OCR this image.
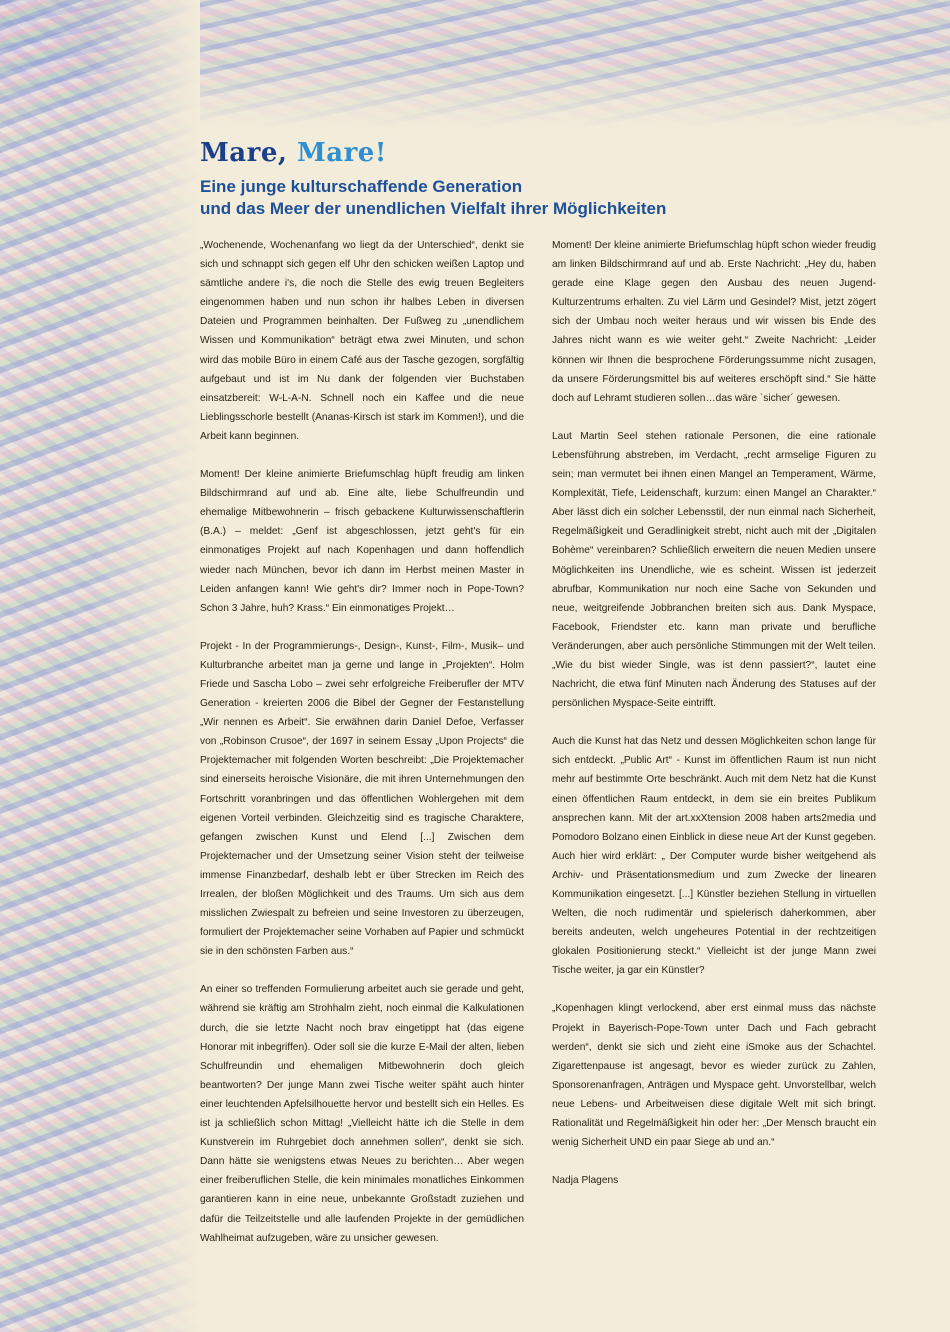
Mare, Mare!
Eine junge kulturschaffende Generation
und das Meer der unendlichen Vielfalt ihrer Möglichkeiten

„Wochenende, Wochenanfang wo liegt da der Unterschied“, denkt sie sich und schnappt sich gegen elf Uhr den schicken weißen Laptop und sämtliche andere i's, die noch die Stelle des ewig treuen Begleiters eingenommen haben und nun schon ihr halbes Leben in diversen Dateien und Programmen beinhalten. Der Fußweg zu „unendlichem Wissen und Kommunikation“ beträgt etwa zwei Minuten, und schon wird das mobile Büro in einem Café aus der Tasche gezogen, sorgfältig aufgebaut und ist im Nu dank der folgenden vier Buchstaben einsatzbereit: W-L-A-N. Schnell noch ein Kaffee und die neue Lieblingsschorle bestellt (Ananas-Kirsch ist stark im Kommen!), und die Arbeit kann beginnen.

Moment! Der kleine animierte Briefumschlag hüpft freudig am linken Bildschirmrand auf und ab. Eine alte, liebe Schulfreundin und ehemalige Mitbewohnerin – frisch gebackene Kulturwissenschaftlerin (B.A.) – meldet: „Genf ist abgeschlossen, jetzt geht's für ein einmonatiges Projekt auf nach Kopenhagen und dann hoffendlich wieder nach München, bevor ich dann im Herbst meinen Master in Leiden anfangen kann! Wie geht's dir? Immer noch in Pope-Town? Schon 3 Jahre, huh? Krass.“ Ein einmonatiges Projekt…

Projekt - In der Programmierungs-, Design-, Kunst-, Film-, Musik– und Kulturbranche arbeitet man ja gerne und lange in „Projekten“. Holm Friede und Sascha Lobo – zwei sehr erfolgreiche Freiberufler der MTV Generation - kreierten 2006 die Bibel der Gegner der Festanstellung „Wir nennen es Arbeit“. Sie erwähnen darin Daniel Defoe, Verfasser von „Robinson Crusoe“, der 1697 in seinem Essay „Upon Projects“ die Projektemacher mit folgenden Worten beschreibt: „Die Projektemacher sind einerseits heroische Visionäre, die mit ihren Unternehmungen den Fortschritt voranbringen und das öffentlichen Wohlergehen mit dem eigenen Vorteil verbinden. Gleichzeitig sind es tragische Charaktere, gefangen zwischen Kunst und Elend [...] Zwischen dem Projektemacher und der Umsetzung seiner Vision steht der teilweise immense Finanzbedarf, deshalb lebt er über Strecken im Reich des Irrealen, der bloßen Möglichkeit und des Traums. Um sich aus dem misslichen Zwiespalt zu befreien und seine Investoren zu überzeugen, formuliert der Projektemacher seine Vorhaben auf Papier und schmückt sie in den schönsten Farben aus.“

An einer so treffenden Formulierung arbeitet auch sie gerade und geht, während sie kräftig am Strohhalm zieht, noch einmal die Kalkulationen durch, die sie letzte Nacht noch brav eingetippt hat (das eigene Honorar mit inbegriffen). Oder soll sie die kurze E-Mail der alten, lieben Schulfreundin und ehemaligen Mitbewohnerin doch gleich beantworten? Der junge Mann zwei Tische weiter späht auch hinter einer leuchtenden Apfelsilhouette hervor und bestellt sich ein Helles. Es ist ja schließlich schon Mittag! „Vielleicht hätte ich die Stelle in dem Kunstverein im Ruhrgebiet doch annehmen sollen“, denkt sie sich. Dann hätte sie wenigstens etwas Neues zu berichten… Aber wegen einer freiberuflichen Stelle, die kein minimales monatliches Einkommen garantieren kann in eine neue, unbekannte Großstadt zuziehen und dafür die Teilzeitstelle und alle laufenden Projekte in der gemüdlichen Wahlheimat aufzugeben, wäre zu unsicher gewesen.

Moment! Der kleine animierte Briefumschlag hüpft schon wieder freudig am linken Bildschirmrand auf und ab. Erste Nachricht: „Hey du, haben gerade eine Klage gegen den Ausbau des neuen Jugend-Kulturzentrums erhalten. Zu viel Lärm und Gesindel? Mist, jetzt zögert sich der Umbau noch weiter heraus und wir wissen bis Ende des Jahres nicht wann es wie weiter geht.“ Zweite Nachricht: „Leider können wir Ihnen die besprochene Förderungssumme nicht zusagen, da unsere Förderungsmittel bis auf weiteres erschöpft sind.“ Sie hätte doch auf Lehramt studieren sollen…das wäre `sicher´ gewesen.

Laut Martin Seel stehen rationale Personen, die eine rationale Lebensführung abstreben, im Verdacht, „recht armselige Figuren zu sein; man vermutet bei ihnen einen Mangel an Temperament, Wärme, Komplexität, Tiefe, Leidenschaft, kurzum: einen Mangel an Charakter.“ Aber lässt dich ein solcher Lebensstil, der nun einmal nach Sicherheit, Regelmäßigkeit und Geradlinigkeit strebt, nicht auch mit der „Digitalen Bohème“ vereinbaren? Schließlich erweitern die neuen Medien unsere Möglichkeiten ins Unendliche, wie es scheint. Wissen ist jederzeit abrufbar, Kommunikation nur noch eine Sache von Sekunden und neue, weitgreifende Jobbranchen breiten sich aus. Dank Myspace, Facebook, Friendster etc. kann man private und berufliche Veränderungen, aber auch persönliche Stimmungen mit der Welt teilen. „Wie du bist wieder Single, was ist denn passiert?“, lautet eine Nachricht, die etwa fünf Minuten nach Änderung des Statuses auf der persönlichen Myspace-Seite eintrifft.

Auch die Kunst hat das Netz und dessen Möglichkeiten schon lange für sich entdeckt. „Public Art“ - Kunst im öffentlichen Raum ist nun nicht mehr auf bestimmte Orte beschränkt. Auch mit dem Netz hat die Kunst einen öffentlichen Raum entdeckt, in dem sie ein breites Publikum ansprechen kann. Mit der art.xxXtension 2008 haben arts2media und Pomodoro Bolzano einen Einblick in diese neue Art der Kunst gegeben. Auch hier wird erklärt: „ Der Computer wurde bisher weitgehend als Archiv- und Präsentationsmedium und zum Zwecke der linearen Kommunikation eingesetzt. [...] Künstler beziehen Stellung in virtuellen Welten, die noch rudimentär und spielerisch daherkommen, aber bereits andeuten, welch ungeheures Potential in der rechtzeitigen glokalen Positionierung steckt.“ Vielleicht ist der junge Mann zwei Tische weiter, ja gar ein Künstler?

„Kopenhagen klingt verlockend, aber erst einmal muss das nächste Projekt in Bayerisch-Pope-Town unter Dach und Fach gebracht werden“, denkt sie sich und zieht eine iSmoke aus der Schachtel. Zigarettenpause ist angesagt, bevor es wieder zurück zu Zahlen, Sponsorenanfragen, Anträgen und Myspace geht. Unvorstellbar, welch neue Lebens- und Arbeitweisen diese digitale Welt mit sich bringt. Rationalität und Regelmäßigkeit hin oder her: „Der Mensch braucht ein wenig Sicherheit UND ein paar Siege ab und an.“

Nadja Plagens
